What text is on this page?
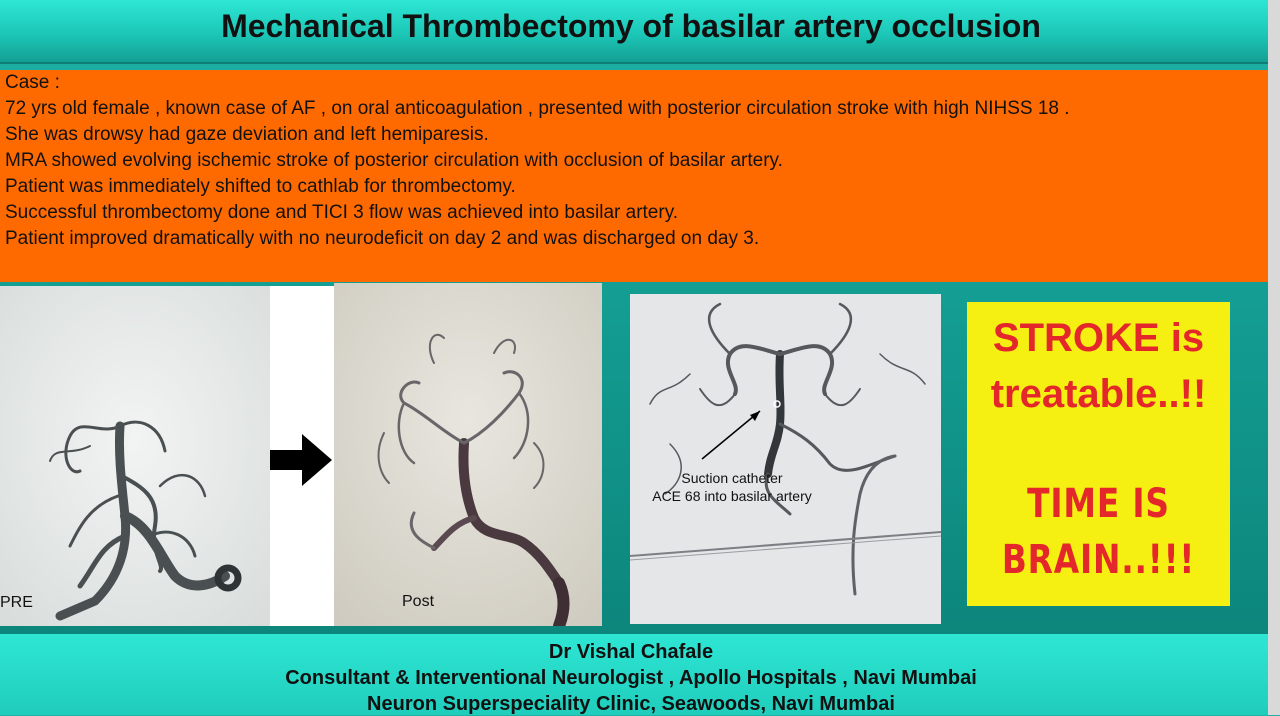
Mechanical Thrombectomy of basilar artery occlusion
Case :
72 yrs old female , known case of AF , on oral anticoagulation , presented with posterior circulation stroke with high NIHSS 18 .
She was drowsy had gaze deviation and left hemiparesis.
MRA showed evolving ischemic stroke of posterior circulation with occlusion of basilar artery.
Patient was immediately shifted to cathlab for thrombectomy.
Successful thrombectomy done and TICI 3 flow was achieved into basilar artery.
Patient improved dramatically with no neurodeficit on day 2 and was discharged on day 3.
PRE	Post
Suction catheter
ACE 68 into basilar artery
STROKE is
treatable..!!
TIME IS
BRAIN..!!!
Dr Vishal Chafale
Consultant & Interventional Neurologist , Apollo Hospitals , Navi Mumbai
Neuron Superspeciality Clinic, Seawoods, Navi Mumbai
